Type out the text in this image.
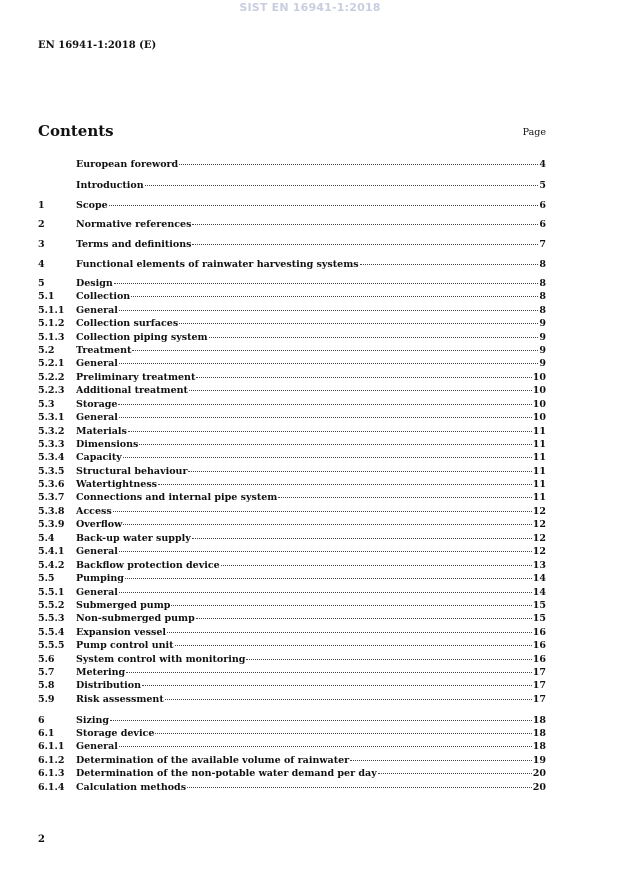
SIST EN 16941-1:2018
EN 16941-1:2018 (E)
Contents	Page
European foreword	4
Introduction	5
1	Scope	6
2	Normative references	6
3	Terms and definitions	7
4	Functional elements of rainwater harvesting systems	8
5	Design	8
5.1	Collection	8
5.1.1	General	8
5.1.2	Collection surfaces	9
5.1.3	Collection piping system	9
5.2	Treatment	9
5.2.1	General	9
5.2.2	Preliminary treatment	10
5.2.3	Additional treatment	10
5.3	Storage	10
5.3.1	General	10
5.3.2	Materials	11
5.3.3	Dimensions	11
5.3.4	Capacity	11
5.3.5	Structural behaviour	11
5.3.6	Watertightness	11
5.3.7	Connections and internal pipe system	11
5.3.8	Access	12
5.3.9	Overflow	12
5.4	Back-up water supply	12
5.4.1	General	12
5.4.2	Backflow protection device	13
5.5	Pumping	14
5.5.1	General	14
5.5.2	Submerged pump	15
5.5.3	Non-submerged pump	15
5.5.4	Expansion vessel	16
5.5.5	Pump control unit	16
5.6	System control with monitoring	16
5.7	Metering	17
5.8	Distribution	17
5.9	Risk assessment	17
6	Sizing	18
6.1	Storage device	18
6.1.1	General	18
6.1.2	Determination of the available volume of rainwater	19
6.1.3	Determination of the non-potable water demand per day	20
6.1.4	Calculation methods	20
2
